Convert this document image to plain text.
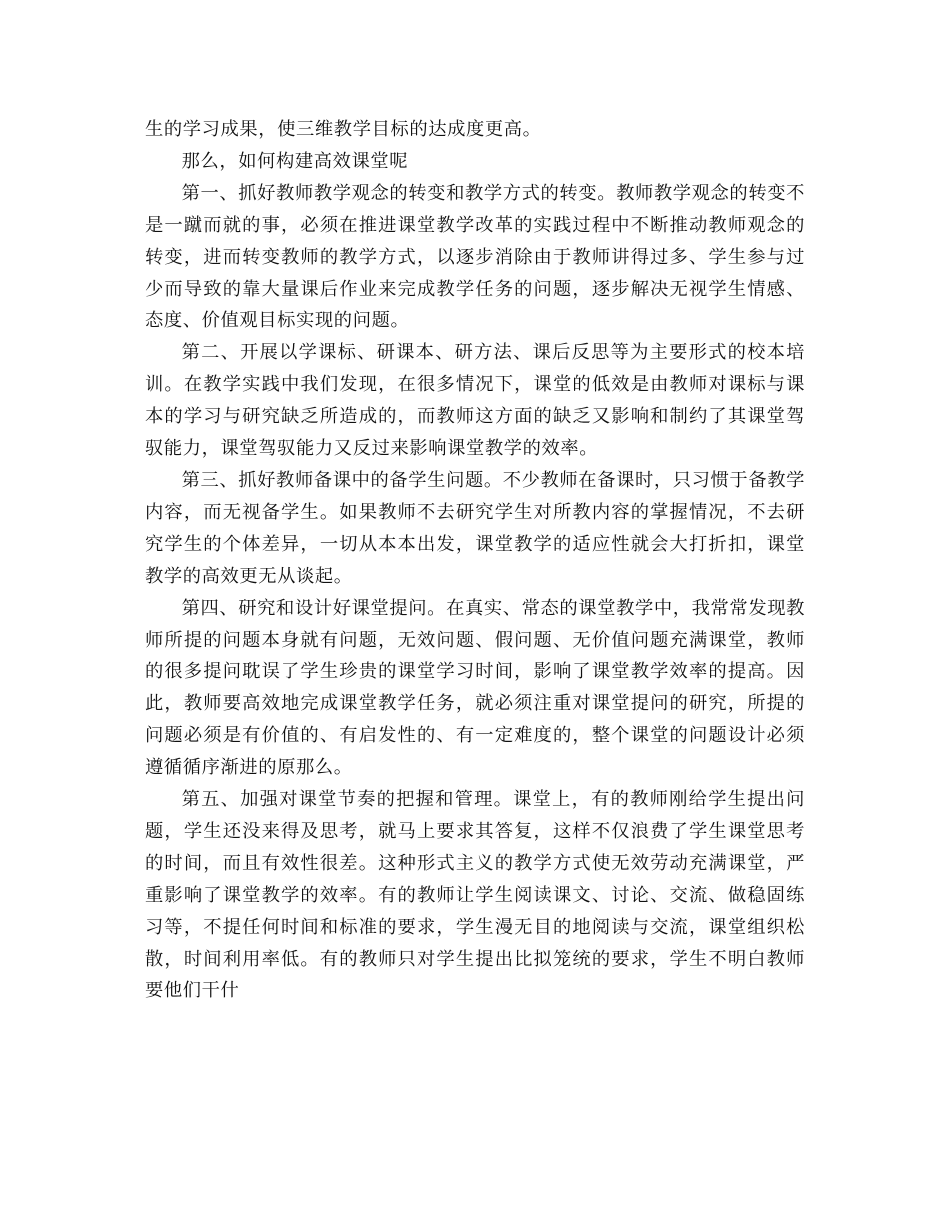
生的学习成果，使三维教学目标的达成度更高。

那么，如何构建高效课堂呢

第一、抓好教师教学观念的转变和教学方式的转变。教师教学观念的转变不是一蹴而就的事，必须在推进课堂教学改革的实践过程中不断推动教师观念的转变，进而转变教师的教学方式，以逐步消除由于教师讲得过多、学生参与过少而导致的靠大量课后作业来完成教学任务的问题，逐步解决无视学生情感、态度、价值观目标实现的问题。

第二、开展以学课标、研课本、研方法、课后反思等为主要形式的校本培训。在教学实践中我们发现，在很多情况下，课堂的低效是由教师对课标与课本的学习与研究缺乏所造成的，而教师这方面的缺乏又影响和制约了其课堂驾驭能力，课堂驾驭能力又反过来影响课堂教学的效率。

第三、抓好教师备课中的备学生问题。不少教师在备课时，只习惯于备教学内容，而无视备学生。如果教师不去研究学生对所教内容的掌握情况，不去研究学生的个体差异，一切从本本出发，课堂教学的适应性就会大打折扣，课堂教学的高效更无从谈起。

第四、研究和设计好课堂提问。在真实、常态的课堂教学中，我常常发现教师所提的问题本身就有问题，无效问题、假问题、无价值问题充满课堂，教师的很多提问耽误了学生珍贵的课堂学习时间，影响了课堂教学效率的提高。因此，教师要高效地完成课堂教学任务，就必须注重对课堂提问的研究，所提的问题必须是有价值的、有启发性的、有一定难度的，整个课堂的问题设计必须遵循循序渐进的原那么。

第五、加强对课堂节奏的把握和管理。课堂上，有的教师刚给学生提出问题，学生还没来得及思考，就马上要求其答复，这样不仅浪费了学生课堂思考的时间，而且有效性很差。这种形式主义的教学方式使无效劳动充满课堂，严重影响了课堂教学的效率。有的教师让学生阅读课文、讨论、交流、做稳固练习等，不提任何时间和标准的要求，学生漫无目的地阅读与交流，课堂组织松散，时间利用率低。有的教师只对学生提出比拟笼统的要求，学生不明白教师要他们干什
